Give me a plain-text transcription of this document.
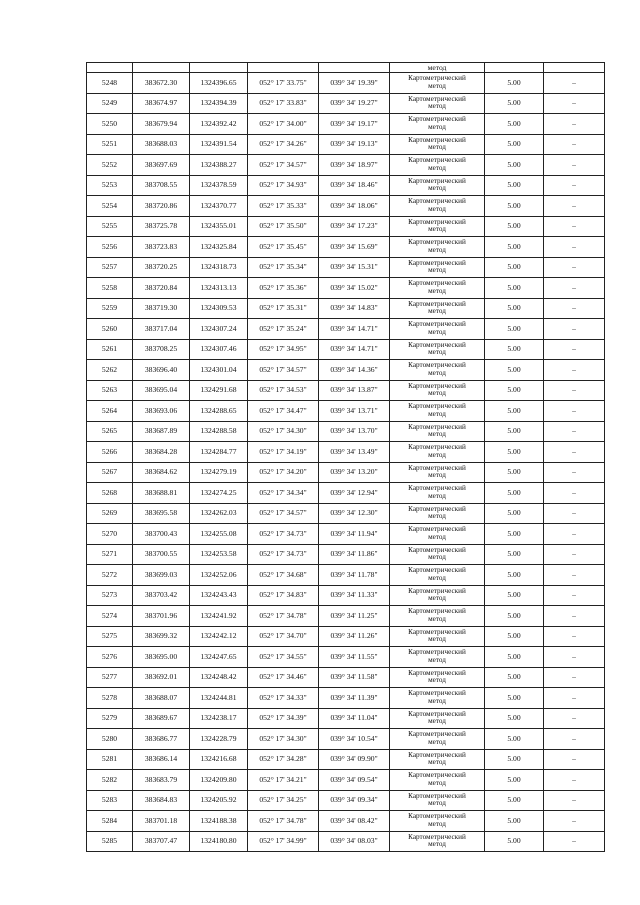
					метод		
5248	383672.30	1324396.65	052° 17' 33.75"	039° 34' 19.39"	Картометрический
метод	5.00	–
5249	383674.97	1324394.39	052° 17' 33.83"	039° 34' 19.27"	Картометрический
метод	5.00	–
5250	383679.94	1324392.42	052° 17' 34.00"	039° 34' 19.17"	Картометрический
метод	5.00	–
5251	383688.03	1324391.54	052° 17' 34.26"	039° 34' 19.13"	Картометрический
метод	5.00	–
5252	383697.69	1324388.27	052° 17' 34.57"	039° 34' 18.97"	Картометрический
метод	5.00	–
5253	383708.55	1324378.59	052° 17' 34.93"	039° 34' 18.46"	Картометрический
метод	5.00	–
5254	383720.86	1324370.77	052° 17' 35.33"	039° 34' 18.06"	Картометрический
метод	5.00	–
5255	383725.78	1324355.01	052° 17' 35.50"	039° 34' 17.23"	Картометрический
метод	5.00	–
5256	383723.83	1324325.84	052° 17' 35.45"	039° 34' 15.69"	Картометрический
метод	5.00	–
5257	383720.25	1324318.73	052° 17' 35.34"	039° 34' 15.31"	Картометрический
метод	5.00	–
5258	383720.84	1324313.13	052° 17' 35.36"	039° 34' 15.02"	Картометрический
метод	5.00	–
5259	383719.30	1324309.53	052° 17' 35.31"	039° 34' 14.83"	Картометрический
метод	5.00	–
5260	383717.04	1324307.24	052° 17' 35.24"	039° 34' 14.71"	Картометрический
метод	5.00	–
5261	383708.25	1324307.46	052° 17' 34.95"	039° 34' 14.71"	Картометрический
метод	5.00	–
5262	383696.40	1324301.04	052° 17' 34.57"	039° 34' 14.36"	Картометрический
метод	5.00	–
5263	383695.04	1324291.68	052° 17' 34.53"	039° 34' 13.87"	Картометрический
метод	5.00	–
5264	383693.06	1324288.65	052° 17' 34.47"	039° 34' 13.71"	Картометрический
метод	5.00	–
5265	383687.89	1324288.58	052° 17' 34.30"	039° 34' 13.70"	Картометрический
метод	5.00	–
5266	383684.28	1324284.77	052° 17' 34.19"	039° 34' 13.49"	Картометрический
метод	5.00	–
5267	383684.62	1324279.19	052° 17' 34.20"	039° 34' 13.20"	Картометрический
метод	5.00	–
5268	383688.81	1324274.25	052° 17' 34.34"	039° 34' 12.94"	Картометрический
метод	5.00	–
5269	383695.58	1324262.03	052° 17' 34.57"	039° 34' 12.30"	Картометрический
метод	5.00	–
5270	383700.43	1324255.08	052° 17' 34.73"	039° 34' 11.94"	Картометрический
метод	5.00	–
5271	383700.55	1324253.58	052° 17' 34.73"	039° 34' 11.86"	Картометрический
метод	5.00	–
5272	383699.03	1324252.06	052° 17' 34.68"	039° 34' 11.78"	Картометрический
метод	5.00	–
5273	383703.42	1324243.43	052° 17' 34.83"	039° 34' 11.33"	Картометрический
метод	5.00	–
5274	383701.96	1324241.92	052° 17' 34.78"	039° 34' 11.25"	Картометрический
метод	5.00	–
5275	383699.32	1324242.12	052° 17' 34.70"	039° 34' 11.26"	Картометрический
метод	5.00	–
5276	383695.00	1324247.65	052° 17' 34.55"	039° 34' 11.55"	Картометрический
метод	5.00	–
5277	383692.01	1324248.42	052° 17' 34.46"	039° 34' 11.58"	Картометрический
метод	5.00	–
5278	383688.07	1324244.81	052° 17' 34.33"	039° 34' 11.39"	Картометрический
метод	5.00	–
5279	383689.67	1324238.17	052° 17' 34.39"	039° 34' 11.04"	Картометрический
метод	5.00	–
5280	383686.77	1324228.79	052° 17' 34.30"	039° 34' 10.54"	Картометрический
метод	5.00	–
5281	383686.14	1324216.68	052° 17' 34.28"	039° 34' 09.90"	Картометрический
метод	5.00	–
5282	383683.79	1324209.80	052° 17' 34.21"	039° 34' 09.54"	Картометрический
метод	5.00	–
5283	383684.83	1324205.92	052° 17' 34.25"	039° 34' 09.34"	Картометрический
метод	5.00	–
5284	383701.18	1324188.38	052° 17' 34.78"	039° 34' 08.42"	Картометрический
метод	5.00	–
5285	383707.47	1324180.80	052° 17' 34.99"	039° 34' 08.03"	Картометрический
метод	5.00	–
